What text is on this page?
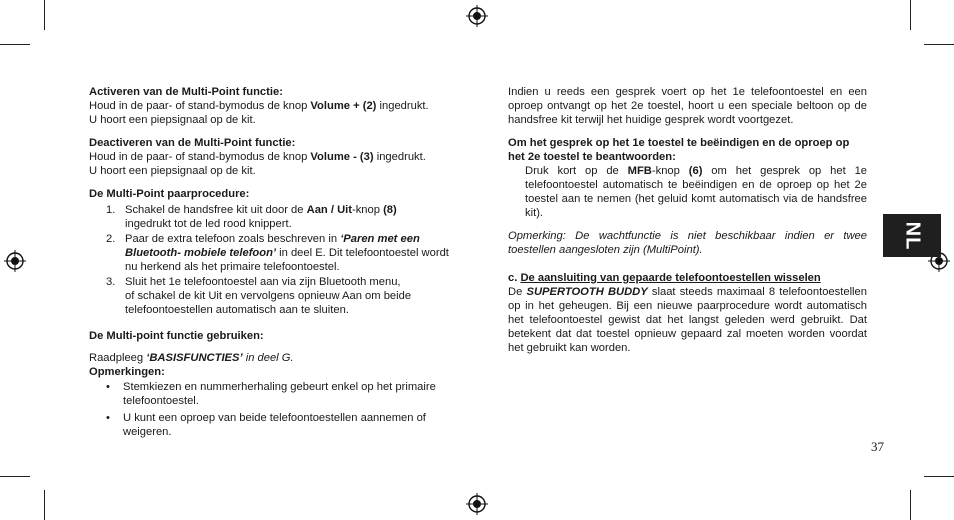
NL

Activeren van de Multi-Point functie:

Houd in de paar- of stand-bymodus de knop Volume + (2) ingedrukt.

U hoort een piepsignaal op de kit.

Deactiveren van de Multi-Point functie:

Houd in de paar- of stand-bymodus de knop Volume - (3) ingedrukt.

U hoort een piepsignaal op de kit.

De Multi-Point paarprocedure:

1. Schakel de handsfree kit uit door de Aan / Uit-knop (8)
ingedrukt tot de led rood knippert.
2. Paar de extra telefoon zoals beschreven in ‘Paren met een Bluetooth- mobiele telefoon’ in deel E. Dit telefoontoestel wordt nu herkend als het primaire telefoontoestel.
3. Sluit het 1e telefoontoestel aan via zijn Bluetooth menu,
of schakel de kit Uit en vervolgens opnieuw Aan om beide telefoontoestellen automatisch aan te sluiten.

De Multi-point functie gebruiken:

Raadpleeg ‘BASISFUNCTIES’ in deel G.

Opmerkingen:

• Stemkiezen en nummerherhaling gebeurt enkel op het primaire telefoontoestel.
• U kunt een oproep van beide telefoontoestellen aannemen of weigeren.

Indien u reeds een gesprek voert op het 1e telefoontoestel en een oproep ontvangt op het 2e toestel, hoort u een speciale beltoon op de handsfree kit terwijl het huidige gesprek wordt voortgezet.

Om het gesprek op het 1e toestel te beëindigen en de oproep op het 2e toestel te beantwoorden:

Druk kort op de MFB-knop (6) om het gesprek op het 1e telefoontoestel automatisch te beëindigen en de oproep op het 2e toestel aan te nemen (het geluid komt automatisch via de handsfree kit).

Opmerking: De wachtfunctie is niet beschikbaar indien er twee toestellen aangesloten zijn (MultiPoint).

c. De aansluiting van gepaarde telefoontoestellen wisselen

De SUPERTOOTH BUDDY slaat steeds maximaal 8 telefoontoestellen op in het geheugen. Bij een nieuwe paarprocedure wordt automatisch het telefoontoestel gewist dat het langst geleden werd gebruikt. Dat betekent dat dat toestel opnieuw gepaard zal moeten worden voordat het gebruikt kan worden.

37
